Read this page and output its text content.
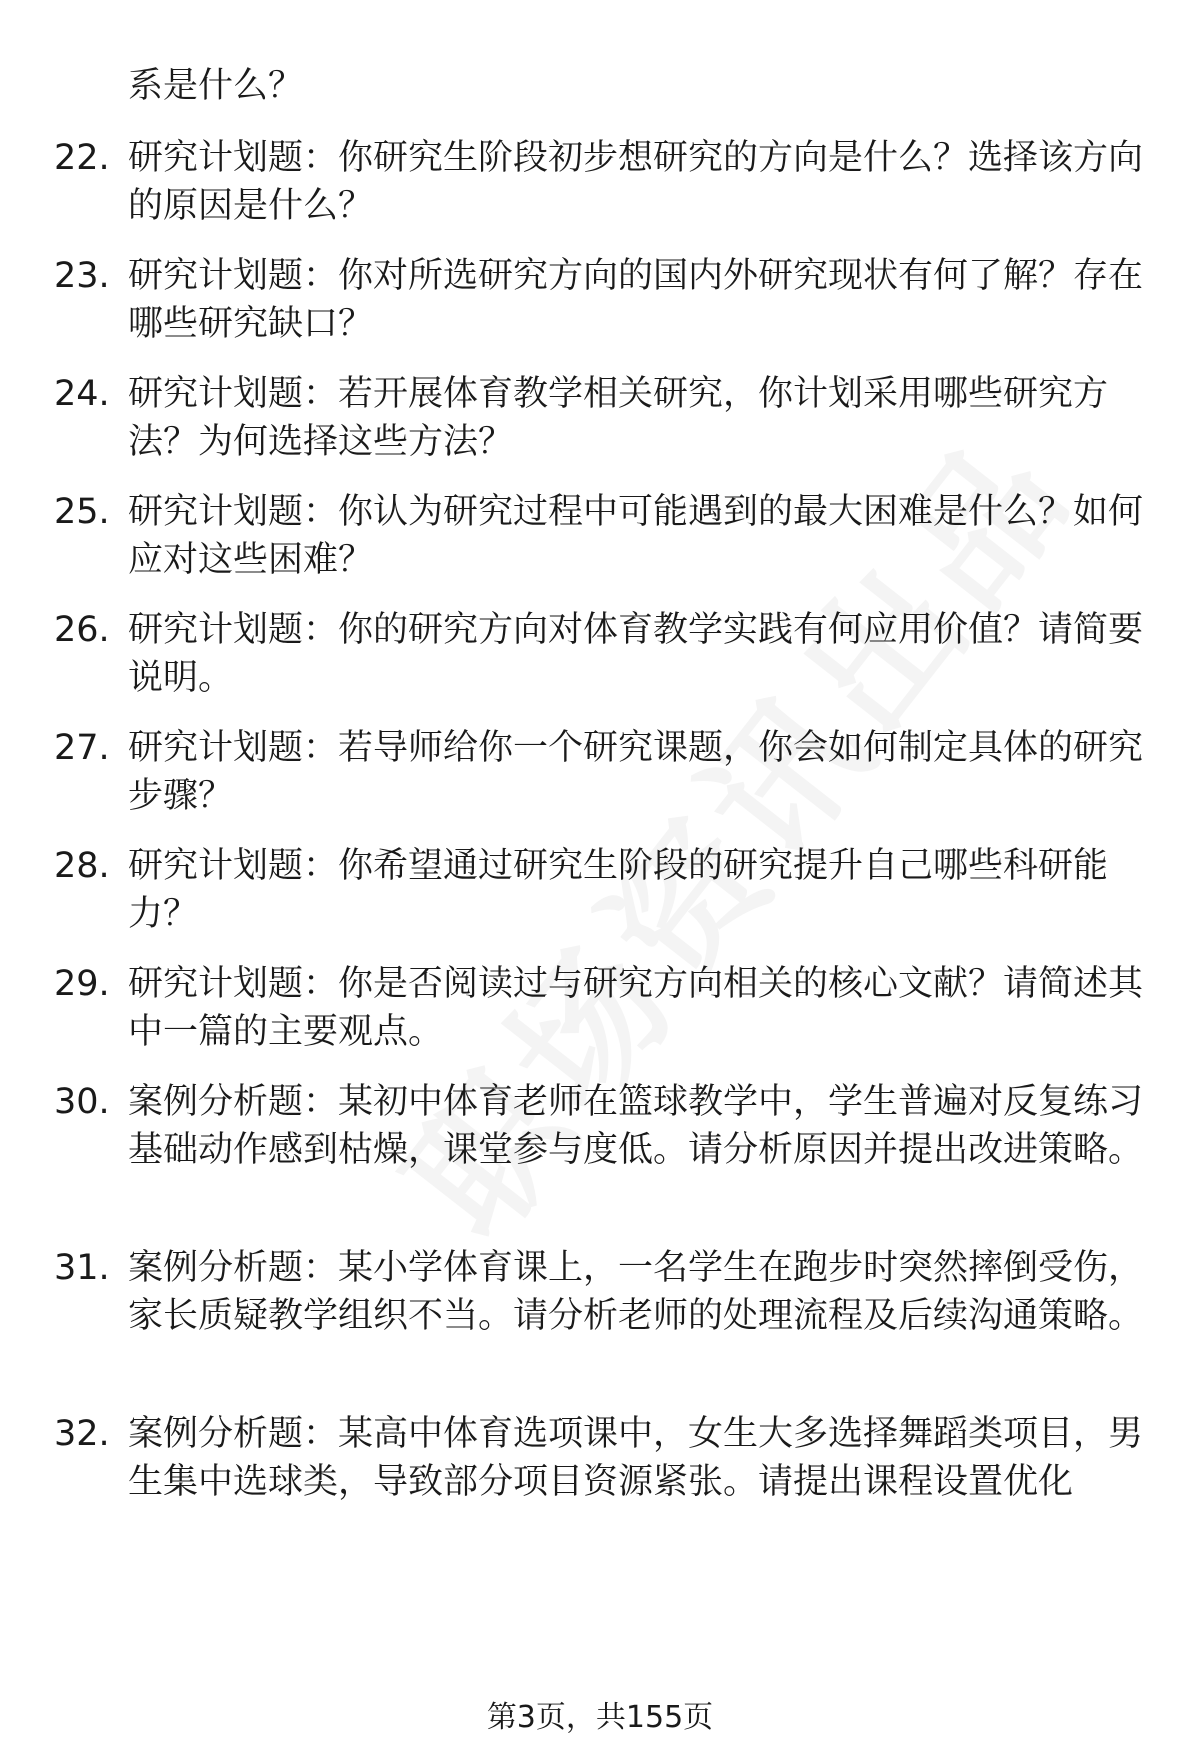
系是什么？
22. 研究计划题：你研究生阶段初步想研究的方向是什么？选择该方向的原因是什么？
23. 研究计划题：你对所选研究方向的国内外研究现状有何了解？存在哪些研究缺口？
24. 研究计划题：若开展体育教学相关研究，你计划采用哪些研究方法？为何选择这些方法？
25. 研究计划题：你认为研究过程中可能遇到的最大困难是什么？如何应对这些困难？
26. 研究计划题：你的研究方向对体育教学实践有何应用价值？请简要说明。
27. 研究计划题：若导师给你一个研究课题，你会如何制定具体的研究步骤？
28. 研究计划题：你希望通过研究生阶段的研究提升自己哪些科研能力？
29. 研究计划题：你是否阅读过与研究方向相关的核心文献？请简述其中一篇的主要观点。
30. 案例分析题：某初中体育老师在篮球教学中，学生普遍对反复练习基础动作感到枯燥，课堂参与度低。请分析原因并提出改进策略。
31. 案例分析题：某小学体育课上，一名学生在跑步时突然摔倒受伤，家长质疑教学组织不当。请分析老师的处理流程及后续沟通策略。
32. 案例分析题：某高中体育选项课中，女生大多选择舞蹈类项目，男生集中选球类，导致部分项目资源紧张。请提出课程设置优化
第3页，共155页
